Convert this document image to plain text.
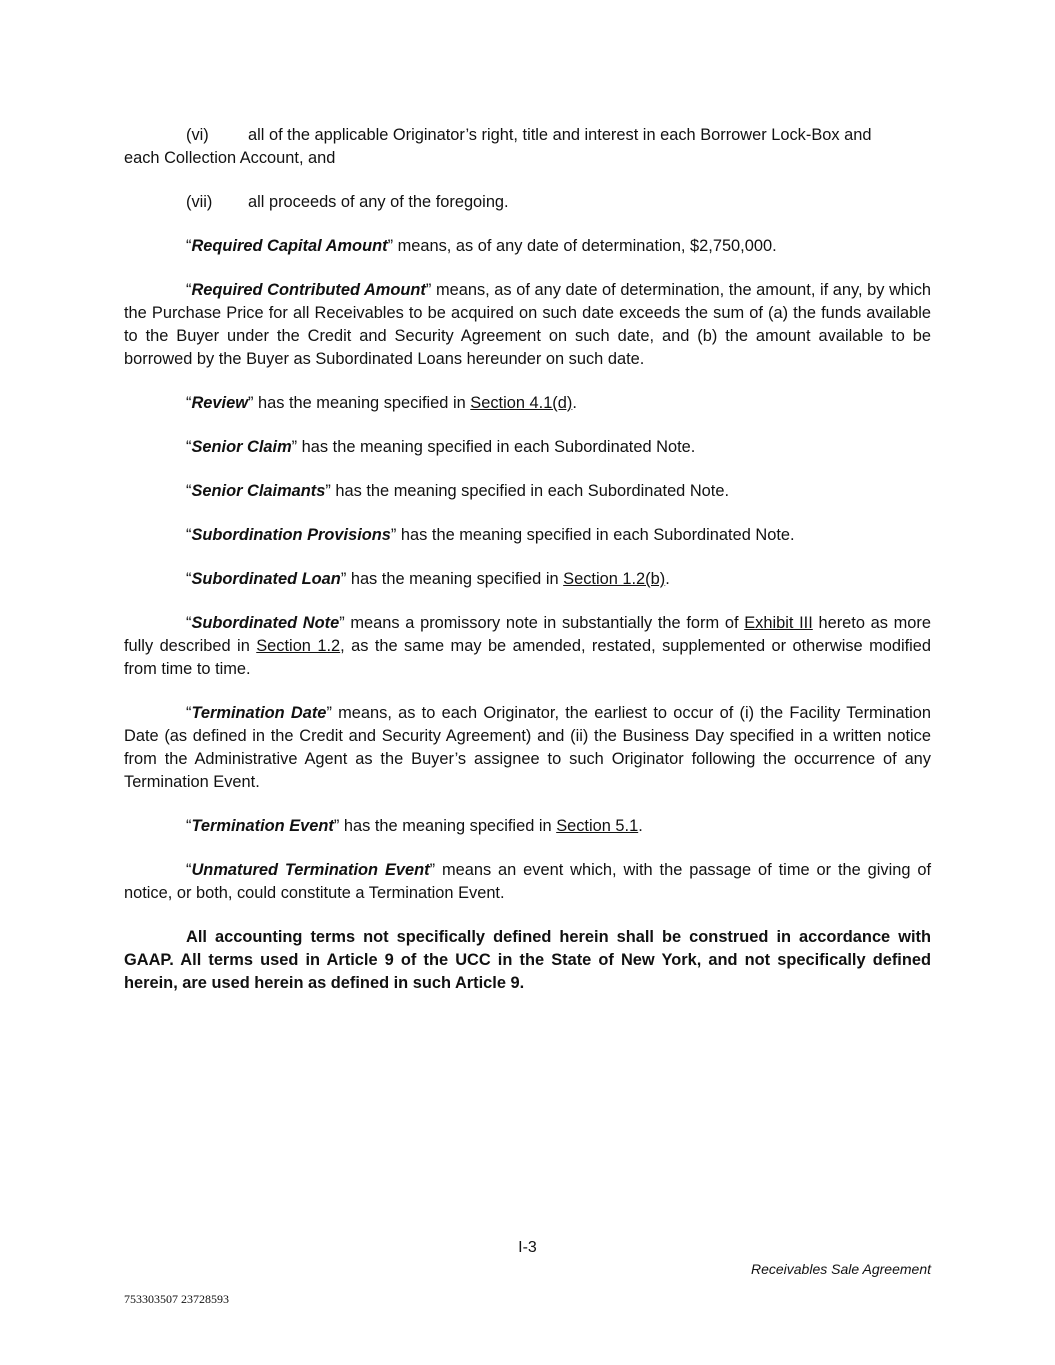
(vi) all of the applicable Originator’s right, title and interest in each Borrower Lock-Box and

each Collection Account, and

(vii) all proceeds of any of the foregoing.

“Required Capital Amount” means, as of any date of determination, $2,750,000.

“Required Contributed Amount” means, as of any date of determination, the amount, if any, by which the Purchase Price for all Receivables to be acquired on such date exceeds the sum of (a) the funds available to the Buyer under the Credit and Security Agreement on such date, and (b) the amount available to be borrowed by the Buyer as Subordinated Loans hereunder on such date.

“Review” has the meaning specified in Section 4.1(d).

“Senior Claim” has the meaning specified in each Subordinated Note.

“Senior Claimants” has the meaning specified in each Subordinated Note.

“Subordination Provisions” has the meaning specified in each Subordinated Note.

“Subordinated Loan” has the meaning specified in Section 1.2(b).

“Subordinated Note” means a promissory note in substantially the form of Exhibit III hereto as more fully described in Section 1.2, as the same may be amended, restated, supplemented or otherwise modified from time to time.

“Termination Date” means, as to each Originator, the earliest to occur of (i) the Facility Termination Date (as defined in the Credit and Security Agreement) and (ii) the Business Day specified in a written notice from the Administrative Agent as the Buyer’s assignee to such Originator following the occurrence of any Termination Event.

“Termination Event” has the meaning specified in Section 5.1.

“Unmatured Termination Event” means an event which, with the passage of time or the giving of notice, or both, could constitute a Termination Event.

All accounting terms not specifically defined herein shall be construed in accordance with GAAP. All terms used in Article 9 of the UCC in the State of New York, and not specifically defined herein, are used herein as defined in such Article 9.

I-3
Receivables Sale Agreement
753303507 23728593
